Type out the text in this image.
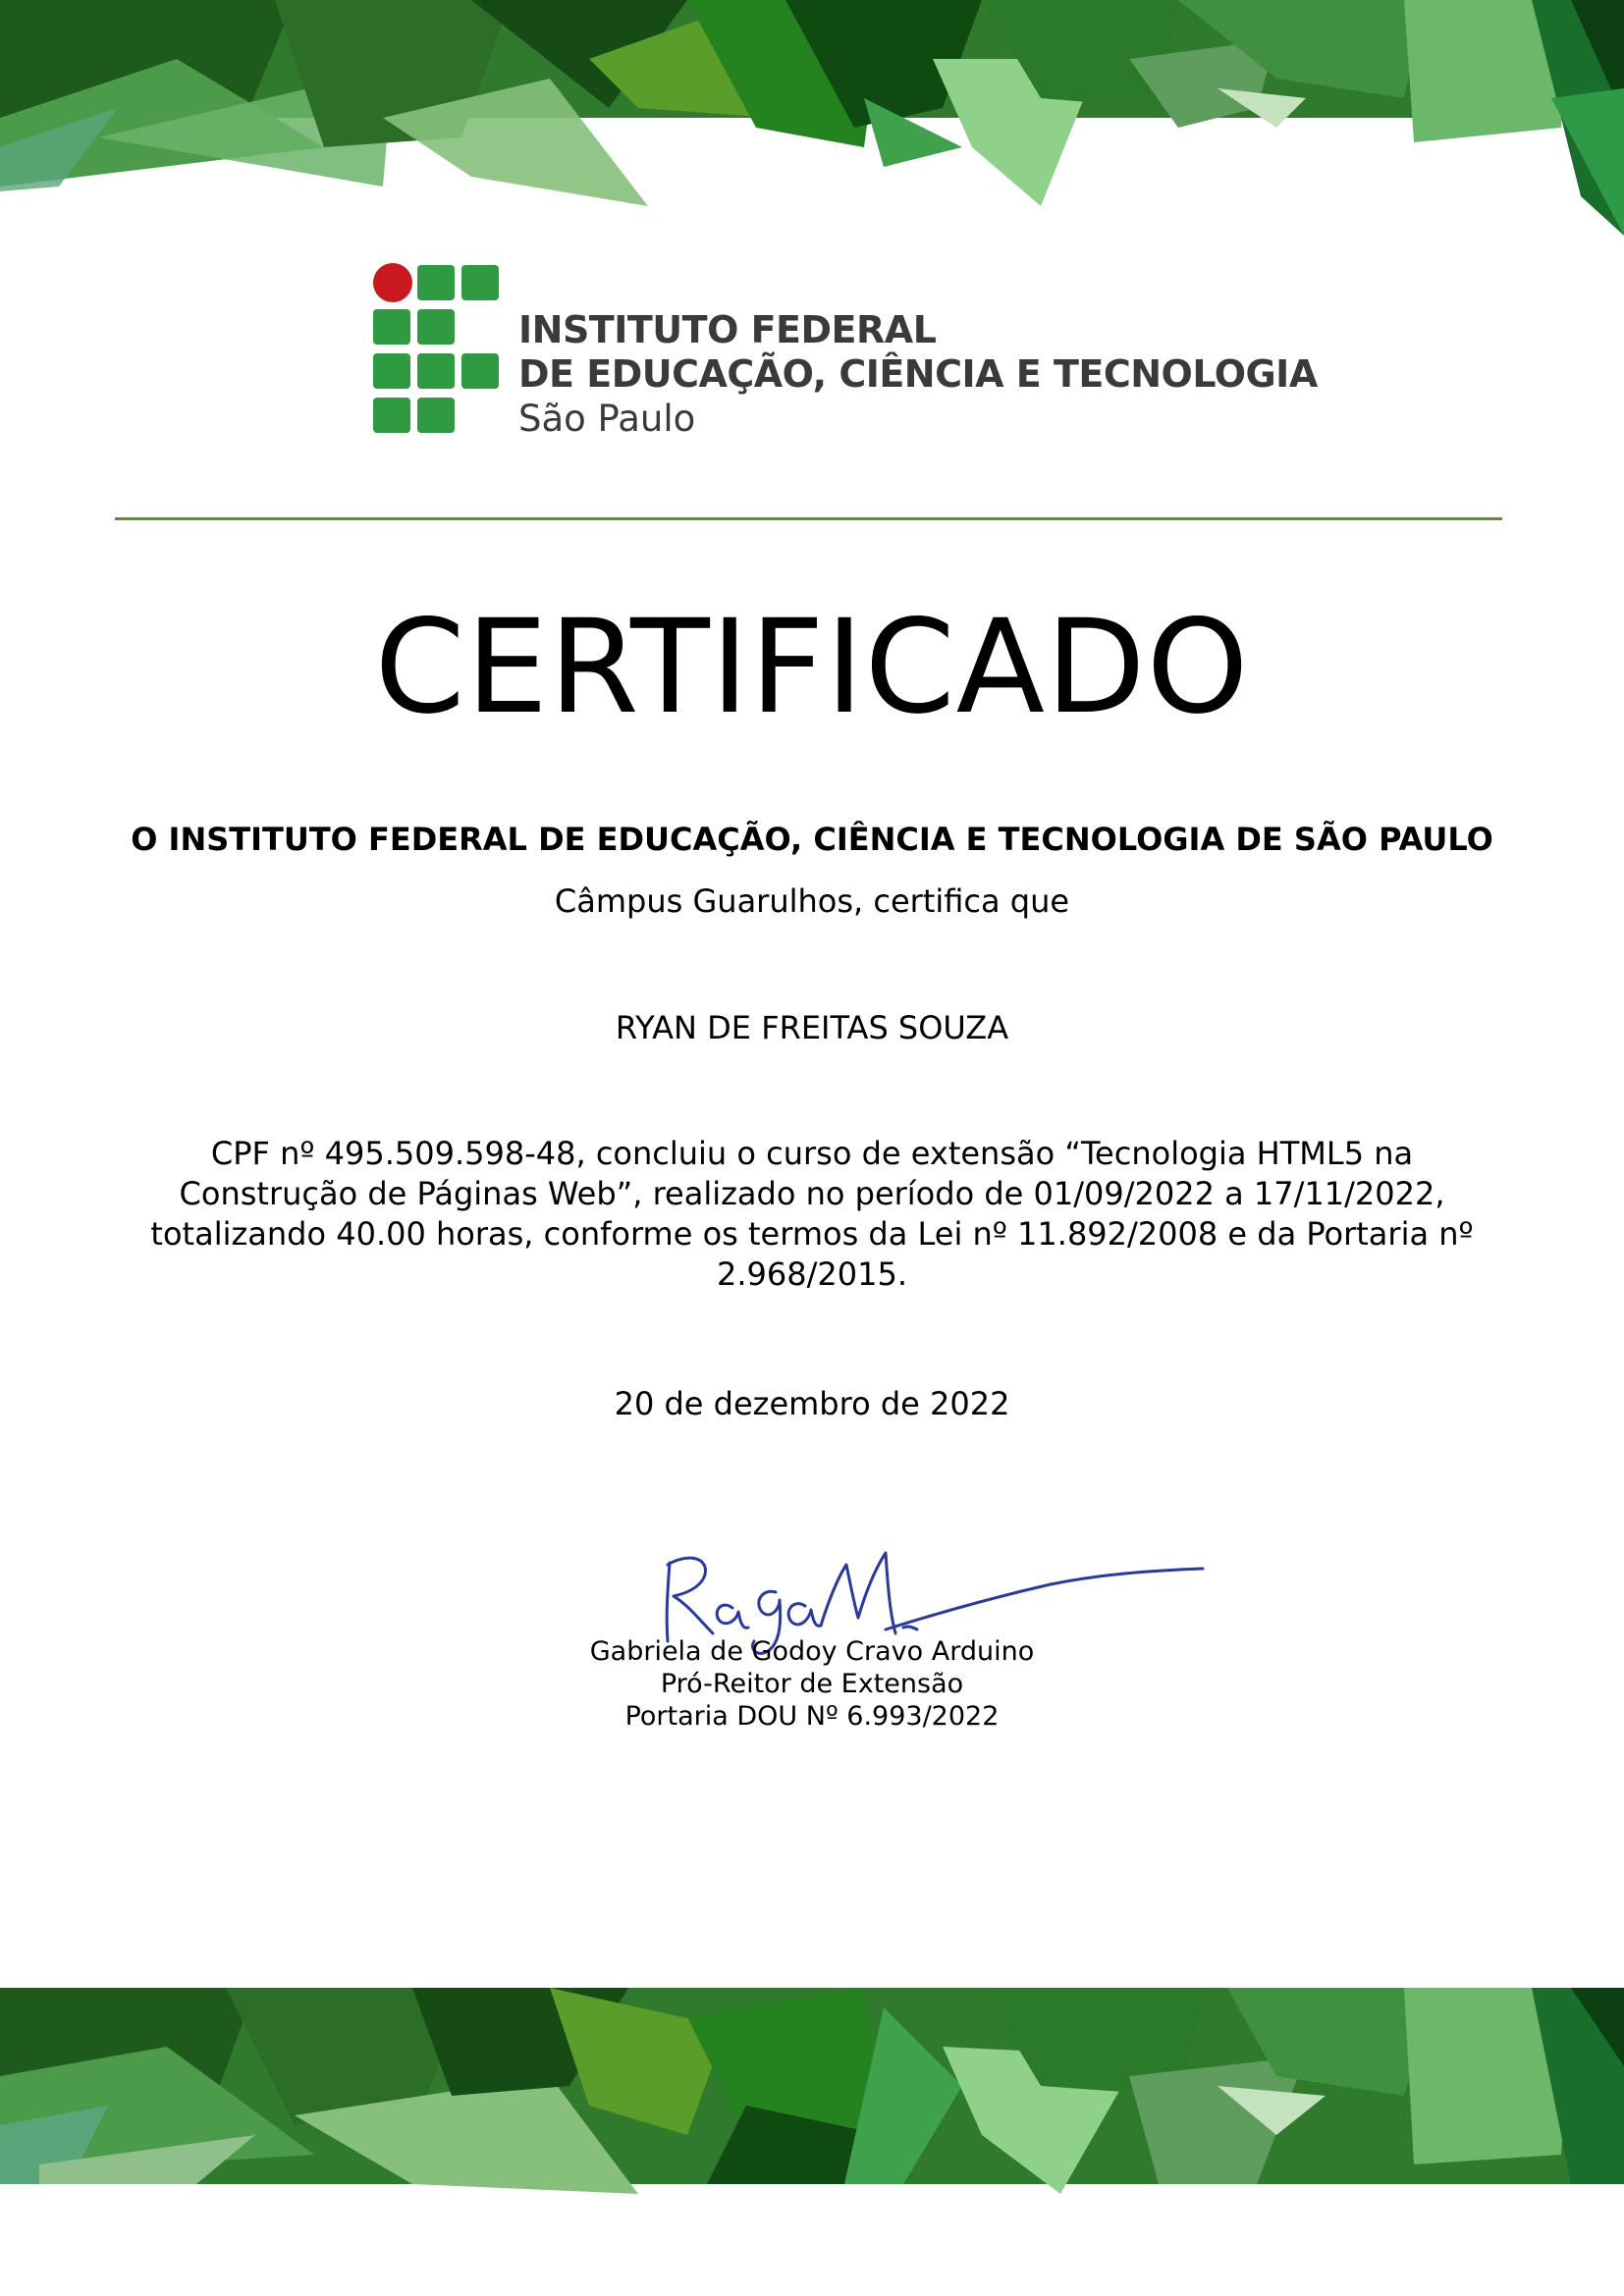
INSTITUTO FEDERAL
DE EDUCAÇÃO, CIÊNCIA E TECNOLOGIA
São Paulo
CERTIFICADO
O INSTITUTO FEDERAL DE EDUCAÇÃO, CIÊNCIA E TECNOLOGIA DE SÃO PAULO
Câmpus Guarulhos, certifica que
RYAN DE FREITAS SOUZA
CPF nº 495.509.598-48, concluiu o curso de extensão “Tecnologia HTML5 na
Construção de Páginas Web”, realizado no período de 01/09/2022 a 17/11/2022,
totalizando 40.00 horas, conforme os termos da Lei nº 11.892/2008 e da Portaria nº
2.968/2015.
20 de dezembro de 2022
Gabriela de Godoy Cravo Arduino
Pró-Reitor de Extensão
Portaria DOU Nº 6.993/2022
